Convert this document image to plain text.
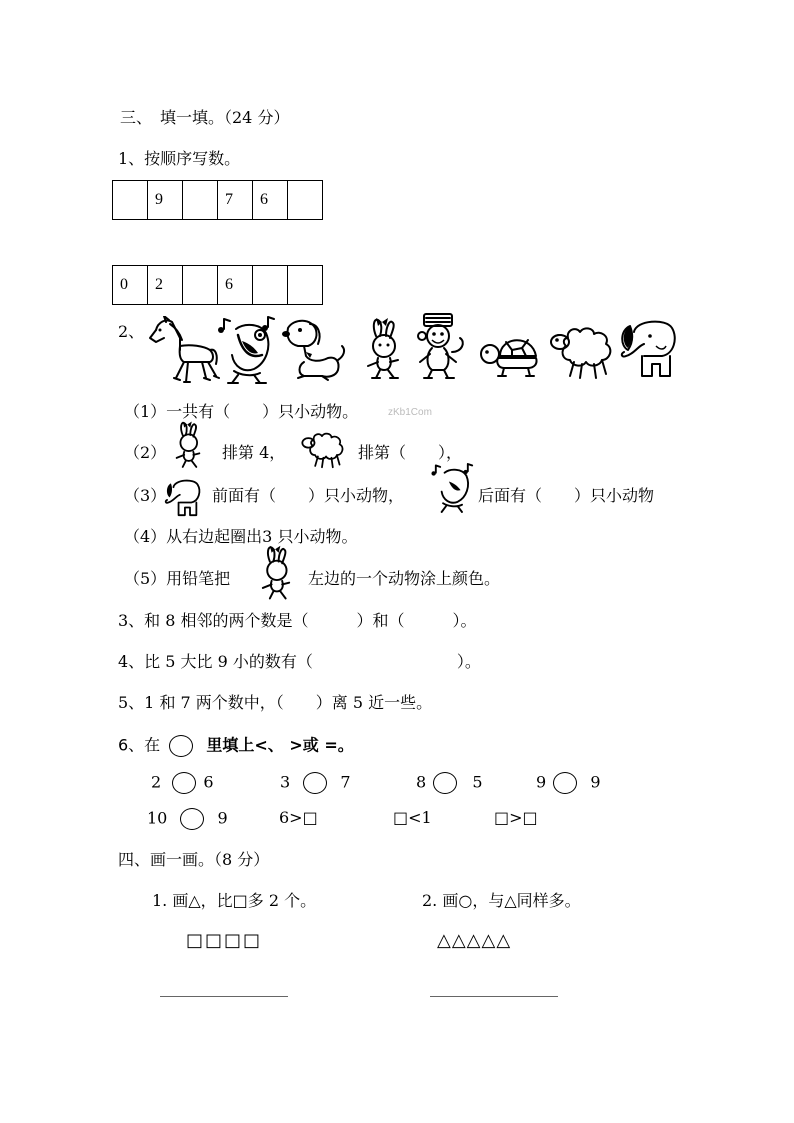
三、　填一填。（24 分）
1、按顺序写数。
	9		7	6	
0	2		6		
2、
（1）一共有（　　）只小动物。	zKb1Com
（2）	排第 4，	排第（　　），
（3）	前面有（　　）只小动物，	后面有（　　）只小动物
（4）从右边起圈出3 只小动物。
（5）用铅笔把	左边的一个动物涂上颜色。
3、和 8 相邻的两个数是（　　　）和（　　　）。
4、比 5 大比 9 小的数有（　　　　　　　　　）。
5、1 和 7 两个数中，（　　）离 5 近一些。
6、在	里填上<、 >或 =。
2	6	3	7	8	5	9	9
10	9	6>□	□<1	□>□
四、画一画。（8 分）
1. 画△，比□多 2 个。	2. 画○，与△同样多。
□□□□	△△△△△
________________	________________
